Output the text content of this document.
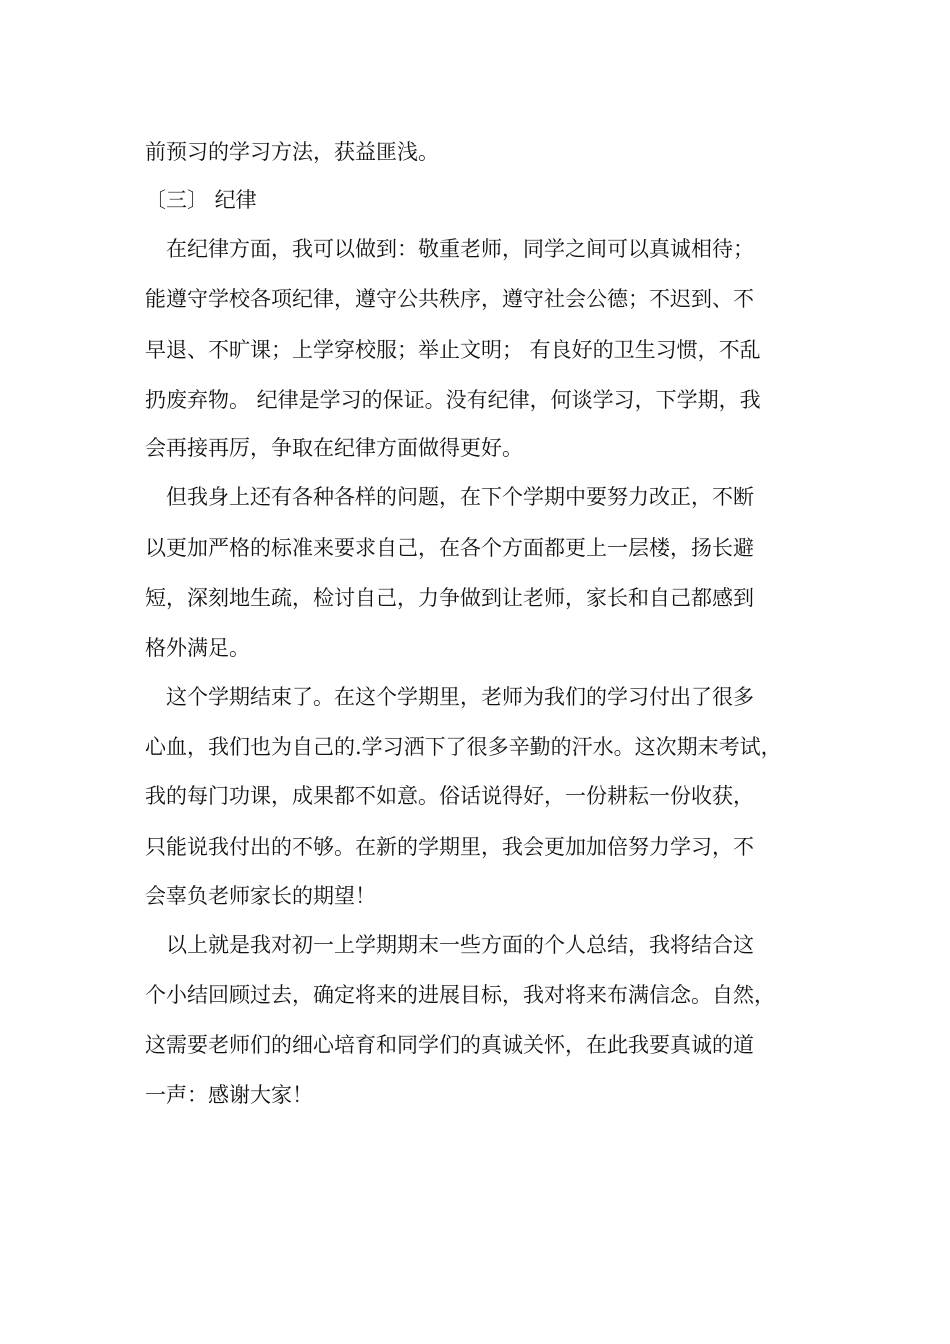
前预习的学习方法，获益匪浅。
〔三〕 纪律
在纪律方面，我可以做到：敬重老师，同学之间可以真诚相待；
能遵守学校各项纪律，遵守公共秩序，遵守社会公德；不迟到、不
早退、不旷课；上学穿校服；举止文明； 有良好的卫生习惯，不乱
扔废弃物。 纪律是学习的保证。没有纪律，何谈学习，下学期，我
会再接再厉，争取在纪律方面做得更好。
但我身上还有各种各样的问题，在下个学期中要努力改正，不断
以更加严格的标准来要求自己，在各个方面都更上一层楼，扬长避
短，深刻地生疏，检讨自己，力争做到让老师，家长和自己都感到
格外满足。
这个学期结束了。在这个学期里，老师为我们的学习付出了很多
心血，我们也为自己的.学习洒下了很多辛勤的汗水。这次期末考试，
我的每门功课，成果都不如意。俗话说得好，一份耕耘一份收获，
只能说我付出的不够。在新的学期里，我会更加加倍努力学习，不
会辜负老师家长的期望！
以上就是我对初一上学期期末一些方面的个人总结，我将结合这
个小结回顾过去，确定将来的进展目标，我对将来布满信念。自然，
这需要老师们的细心培育和同学们的真诚关怀，在此我要真诚的道
一声：感谢大家！
